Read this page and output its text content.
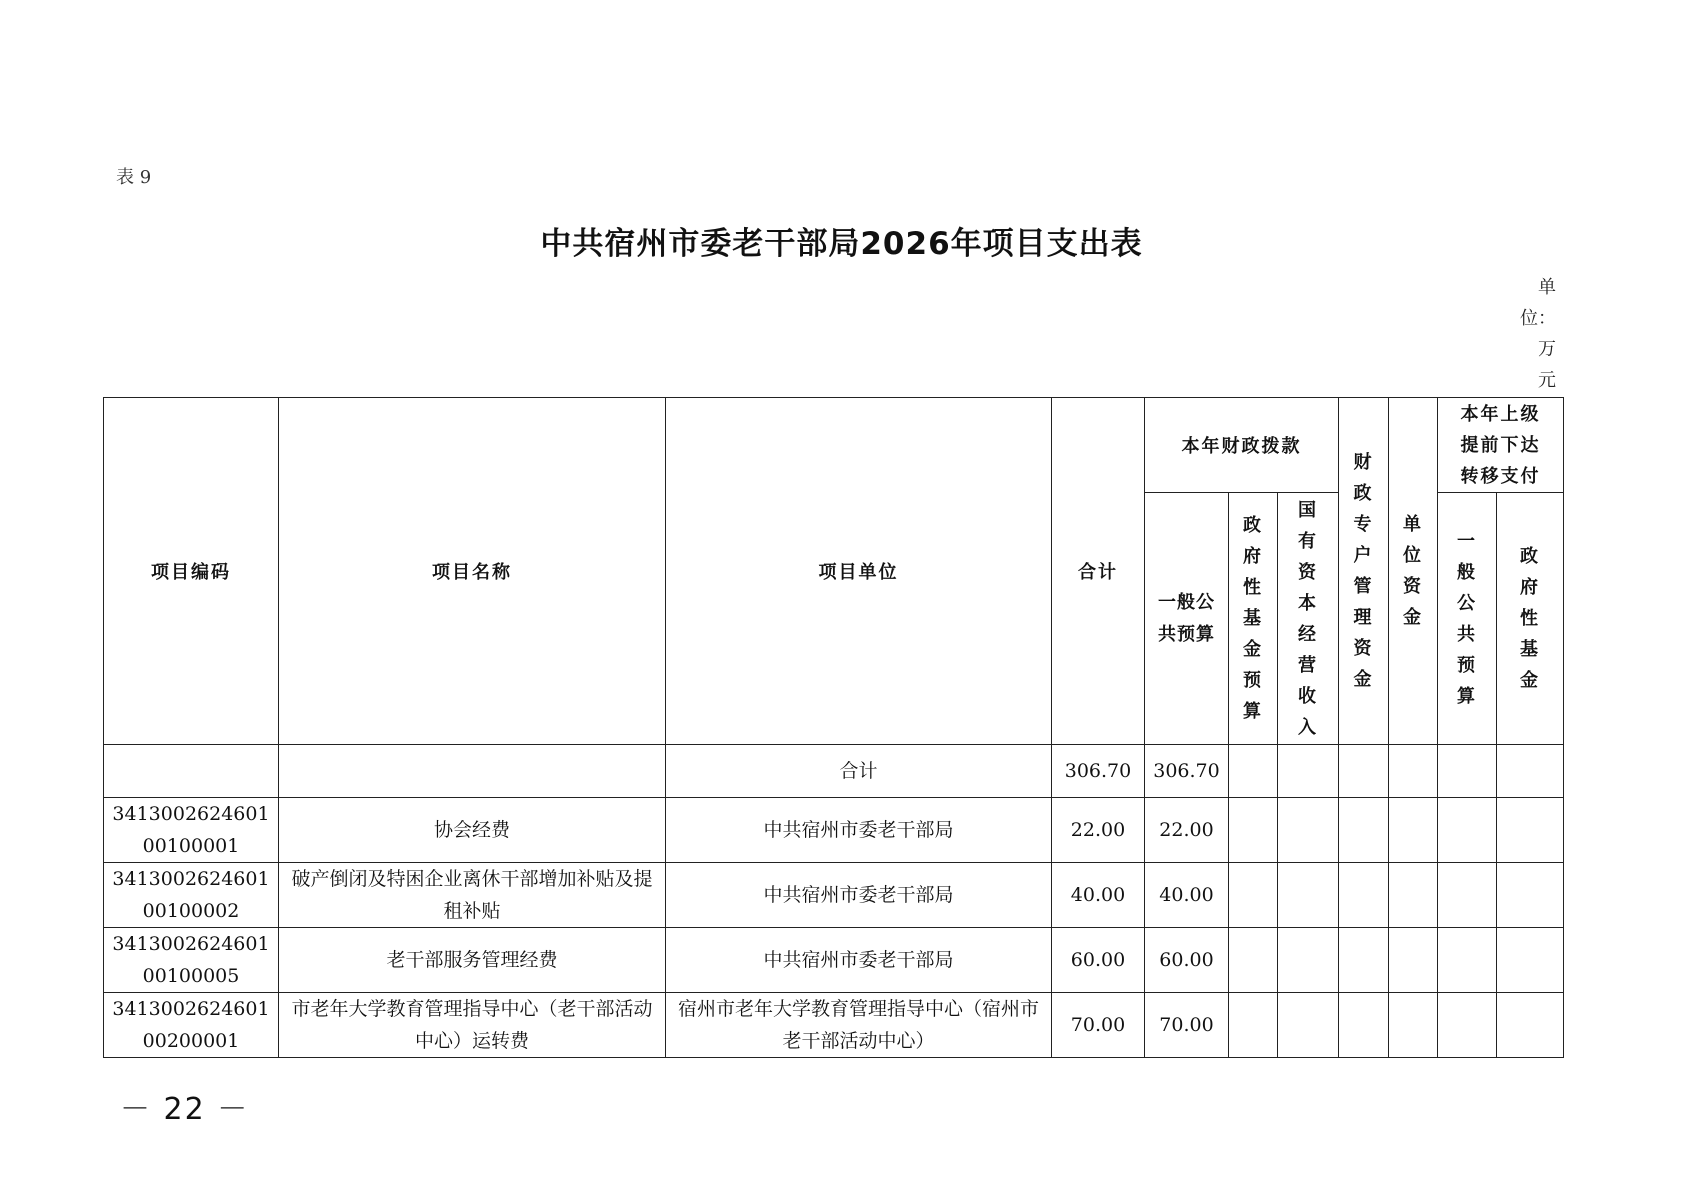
表 9
中共宿州市委老干部局2026年项目支出表
单
位：
万
元
项目编码	项目名称	项目单位	合计	本年财政拨款			财政专户管理资金	单位资金	本年上级提前下达转移支付	
				一般公共预算	政府性基金预算	国有资本经营收入			一般公共预算	政府性基金
		合计	306.70	306.70						
341300262460100100001	协会经费	中共宿州市委老干部局	22.00	22.00						
341300262460100100002	破产倒闭及特困企业离休干部增加补贴及提租补贴	中共宿州市委老干部局	40.00	40.00						
341300262460100100005	老干部服务管理经费	中共宿州市委老干部局	60.00	60.00						
341300262460100200001	市老年大学教育管理指导中心（老干部活动中心）运转费	宿州市老年大学教育管理指导中心（宿州市老干部活动中心）	70.00	70.00						
－ 22 －
